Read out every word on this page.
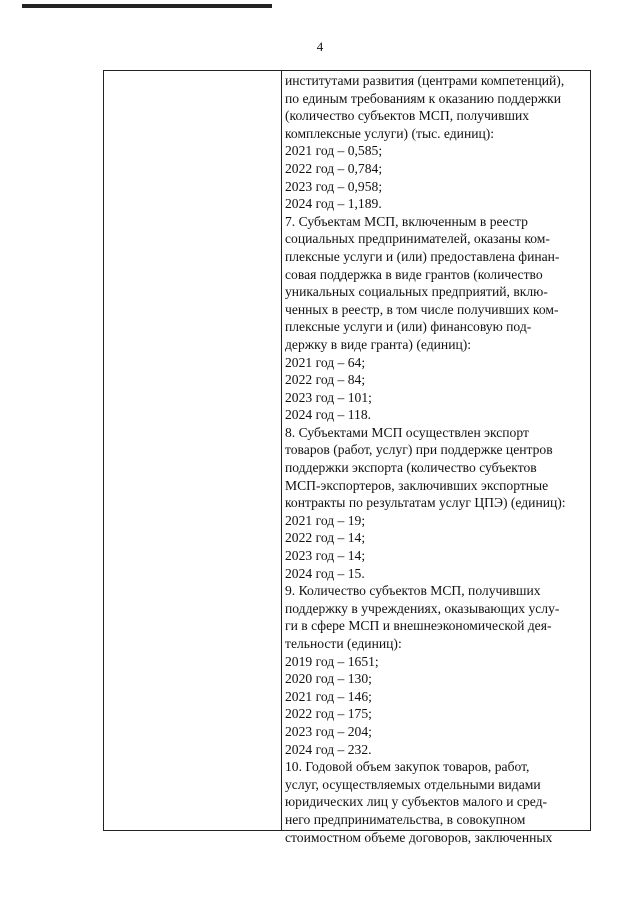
4
институтами развития (центрами компетенций),
по единым требованиям к оказанию поддержки
(количество субъектов МСП, получивших
комплексные услуги) (тыс. единиц):
2021 год – 0,585;
2022 год – 0,784;
2023 год – 0,958;
2024 год – 1,189.
7. Субъектам МСП, включенным в реестр
социальных предпринимателей, оказаны ком-
плексные услуги и (или) предоставлена финан-
совая поддержка в виде грантов (количество
уникальных социальных предприятий, вклю-
ченных в реестр, в том числе получивших ком-
плексные услуги и (или) финансовую под-
держку в виде гранта) (единиц):
2021 год – 64;
2022 год – 84;
2023 год – 101;
2024 год – 118.
8. Субъектами МСП осуществлен экспорт
товаров (работ, услуг) при поддержке центров
поддержки экспорта (количество субъектов
МСП-экспортеров, заключивших экспортные
контракты по результатам услуг ЦПЭ) (единиц):
2021 год – 19;
2022 год – 14;
2023 год – 14;
2024 год – 15.
9. Количество субъектов МСП, получивших
поддержку в учреждениях, оказывающих услу-
ги в сфере МСП и внешнеэкономической дея-
тельности (единиц):
2019 год – 1651;
2020 год – 130;
2021 год – 146;
2022 год – 175;
2023 год – 204;
2024 год – 232.
10. Годовой объем закупок товаров, работ,
услуг, осуществляемых отдельными видами
юридических лиц у субъектов малого и сред-
него предпринимательства, в совокупном
стоимостном объеме договоров, заключенных
